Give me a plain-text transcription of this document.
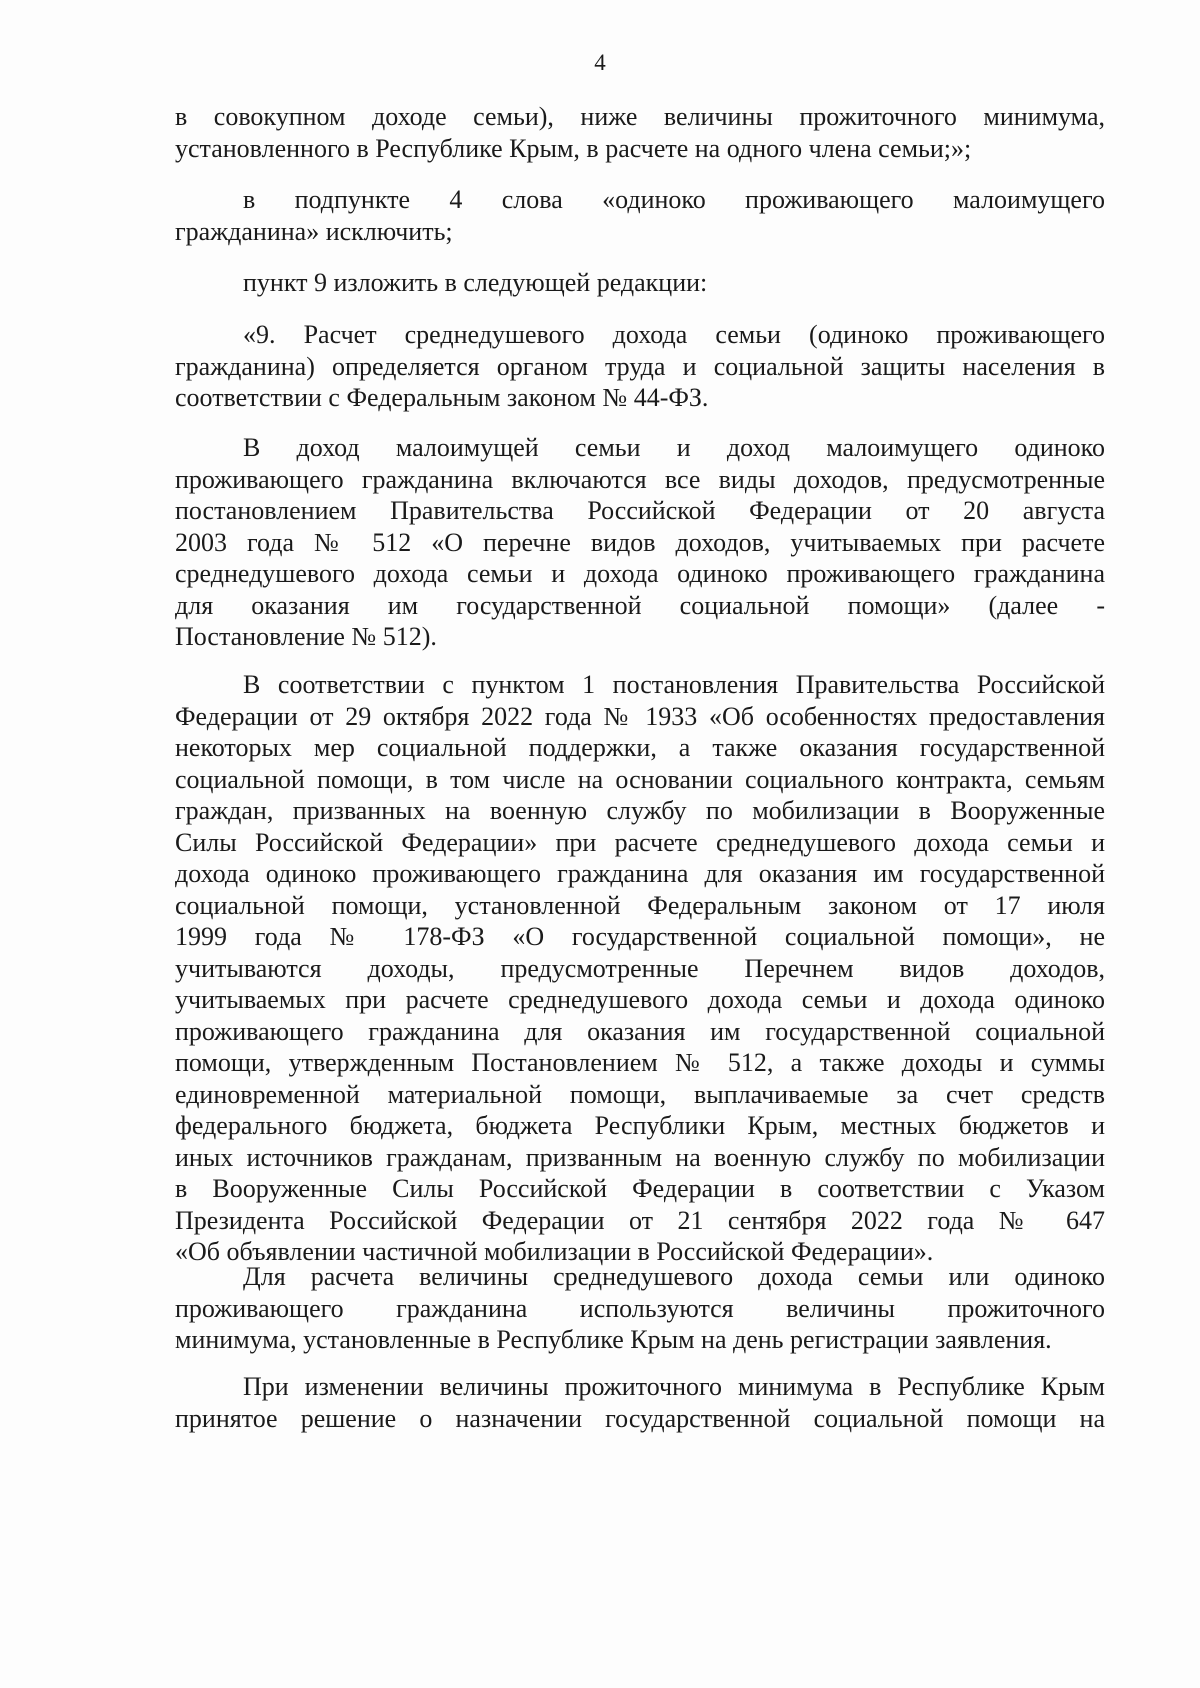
4
в совокупном доходе семьи), ниже величины прожиточного минимума,
установленного в Республике Крым, в расчете на одного члена семьи;»;
в подпункте 4 слова «одиноко проживающего малоимущего
гражданина» исключить;
пункт 9 изложить в следующей редакции:
«9. Расчет среднедушевого дохода семьи (одиноко проживающего
гражданина) определяется органом труда и социальной защиты населения в
соответствии с Федеральным законом № 44-ФЗ.
В доход малоимущей семьи и доход малоимущего одиноко
проживающего гражданина включаются все виды доходов, предусмотренные
постановлением Правительства Российской Федерации от 20 августа
2003 года № 512 «О перечне видов доходов, учитываемых при расчете
среднедушевого дохода семьи и дохода одиноко проживающего гражданина
для оказания им государственной социальной помощи» (далее -
Постановление № 512).
В соответствии с пунктом 1 постановления Правительства Российской
Федерации от 29 октября 2022 года № 1933 «Об особенностях предоставления
некоторых мер социальной поддержки, а также оказания государственной
социальной помощи, в том числе на основании социального контракта, семьям
граждан, призванных на военную службу по мобилизации в Вооруженные
Силы Российской Федерации» при расчете среднедушевого дохода семьи и
дохода одиноко проживающего гражданина для оказания им государственной
социальной помощи, установленной Федеральным законом от 17 июля
1999 года № 178-ФЗ «О государственной социальной помощи», не
учитываются доходы, предусмотренные Перечнем видов доходов,
учитываемых при расчете среднедушевого дохода семьи и дохода одиноко
проживающего гражданина для оказания им государственной социальной
помощи, утвержденным Постановлением № 512, а также доходы и суммы
единовременной материальной помощи, выплачиваемые за счет средств
федерального бюджета, бюджета Республики Крым, местных бюджетов и
иных источников гражданам, призванным на военную службу по мобилизации
в Вооруженные Силы Российской Федерации в соответствии с Указом
Президента Российской Федерации от 21 сентября 2022 года № 647
«Об объявлении частичной мобилизации в Российской Федерации».
Для расчета величины среднедушевого дохода семьи или одиноко
проживающего гражданина используются величины прожиточного
минимума, установленные в Республике Крым на день регистрации заявления.
При изменении величины прожиточного минимума в Республике Крым
принятое решение о назначении государственной социальной помощи на
